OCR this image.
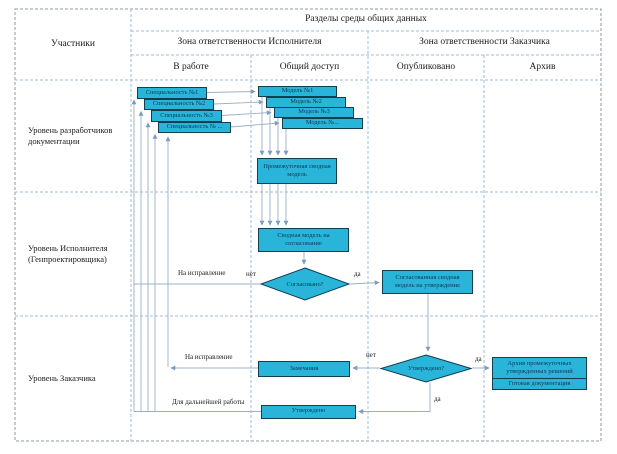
Разделы среды общих данных
Участники	Зона ответственности Исполнителя	Зона ответственности Заказчика
В работе	Общий доступ	Опубликовано	Архив
Уровень разработчиков документации
Уровень Исполнителя (Генпроектировщика)
Уровень Заказчика
Специальность №1
Специальность №2
Специальность №3
Специальность № ...
Модель №1
Модель №2
Модель №3
Модель №...
Промежуточная сводная модель
Сводная модель на согласование
Согласованная сводная модель на утверждение
Замечания
Утверждено
Архив промежуточных утвержденных решений
Готовая документация
Согласовано?
Утверждено?
На исправление	нет	да
На исправление	нет	да
да
Для дальнейшей работы
